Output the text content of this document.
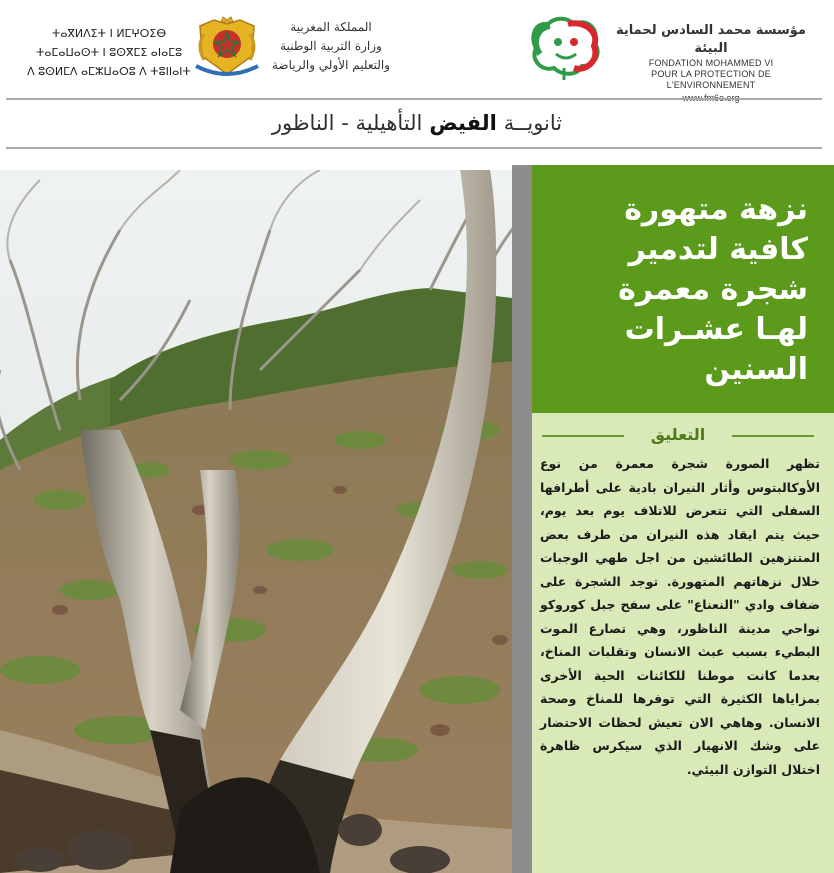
ⵜⴰⴳⵍⴷⵉⵜ ⵏ ⵍⵎⵖⵔⵉⴱ
ⵜⴰⵎⴰⵡⴰⵙⵜ ⵏ ⵓⵙⴳⵎⵉ ⴰⵏⴰⵎⵓ
ⴷ ⵓⵙⵍⵎⴷ ⴰⵎⵣⵡⴰⵔⵓ ⴷ ⵜⵓⵏⵏⴰⵏⵜ
المملكة المغربية
وزارة التربية الوطنية
والتعليم الأولي والرياضة
مؤسسة محمد السادس لحماية البيئة
FONDATION MOHAMMED VI
POUR LA PROTECTION DE L'ENVIRONNEMENT
ثانويــة
الفيض
التأهيلية - الناظور
نزهة متهورة
كافية لتدمير
شجرة معمرة
لهـا عشـرات
السنين
التعليق
تظهر الصورة شجرة معمرة من نوع الأوكالبتوس وأثار النيران بادية على أطرافها السفلى التي تتعرض للاتلاف يوم بعد يوم، حيث يتم ايقاد هذه النيران من طرف بعض المتنزهين الطائشين من اجل طهي الوجبات خلال نزهاتهم المتهورة. توجد الشجرة على ضفاف وادي "النعناع" على سفح جبل كوروكو نواحي مدينة الناظور، وهي تصارع الموت البطيء بسبب عبث الانسان وتقلبات المناخ، بعدما كانت موطنا للكائنات الحية الأخرى بمزاياها الكثيرة التي توفرها للمناخ وصحة الانسان. وهاهي الان تعيش لحظات الاحتضار على وشك الانهيار الذي سيكرس ظاهرة اختلال التوازن البيئي.
